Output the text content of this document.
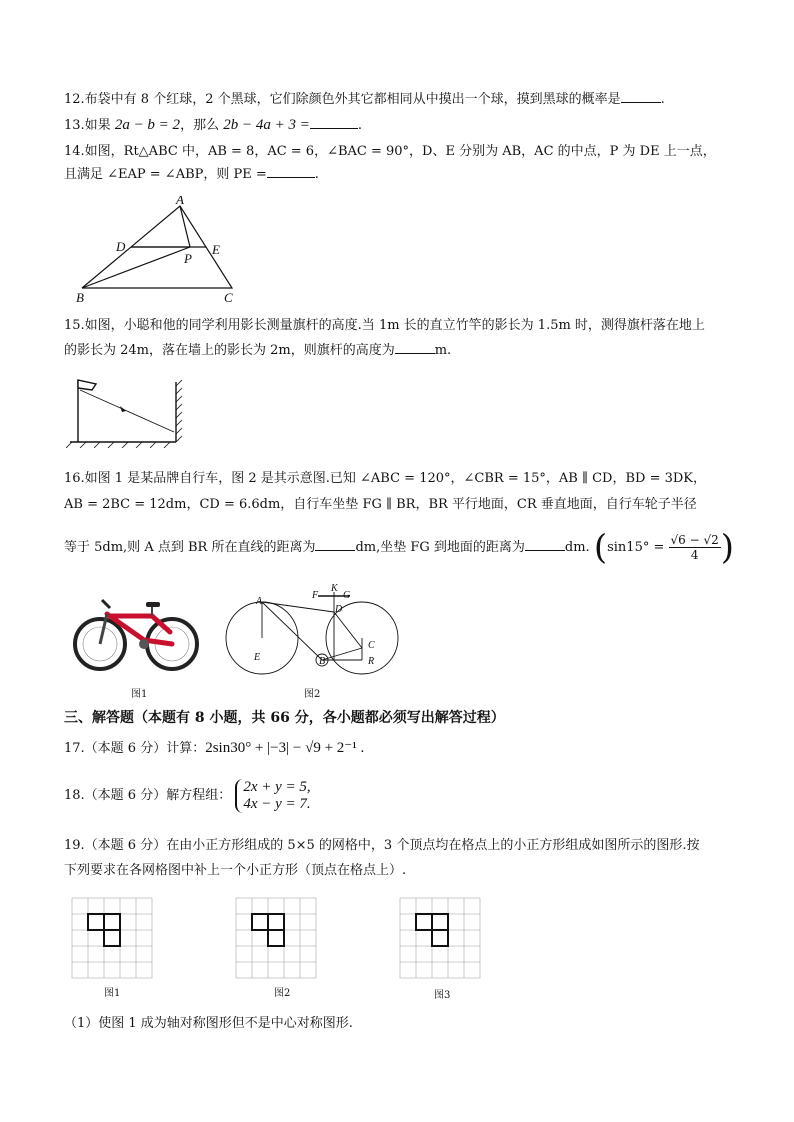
12.布袋中有 8 个红球，2 个黑球，它们除颜色外其它都相同从中摸出一个球，摸到黑球的概率是	.
13.如果 2a − b = 2，那么 2b − 4a + 3 =	.
14.如图，Rt△ABC 中，AB = 8，AC = 6，∠BAC = 90°，D、E 分别为 AB，AC 的中点，P 为 DE 上一点，
且满足 ∠EAP = ∠ABP，则 PE =	.
A
B	C
D	E
P
15.如图，小聪和他的同学利用影长测量旗杆的高度.当 1m 长的直立竹竿的影长为 1.5m 时，测得旗杆落在地上
的影长为 24m，落在墙上的影长为 2m，则旗杆的高度为	m.
16.如图 1 是某品牌自行车，图 2 是其示意图.已知 ∠ABC = 120°，∠CBR = 15°，AB ∥ CD，BD = 3DK，
AB = 2BC = 12dm，CD = 6.6dm，自行车坐垫 FG ∥ BR，BR 平行地面，CR 垂直地面，自行车轮子半径
等于 5dm,则 A 点到 BR 所在直线的距离为	dm,坐垫 FG 到地面的距离为	dm. $(\sin 15^\circ = \frac{√6 - √2}{4})$
图1
A
B
C
D
E
F G
K
R
图2
三、解答题（本题有 8 小题，共 66 分，各小题都必须写出解答过程）
17.（本题 6 分）计算：2sin30° + |−3| − √9 + 2⁻¹ .
18.（本题 6 分）解方程组：
2x + y = 5,
4x − y = 7.
19.（本题 6 分）在由小正方形组成的 5×5 的网格中，3 个顶点均在格点上的小正方形组成如图所示的图形.按
下列要求在各网格图中补上一个小正方形（顶点在格点上）.
图1	图2	图3
（1）使图 1 成为轴对称图形但不是中心对称图形.
